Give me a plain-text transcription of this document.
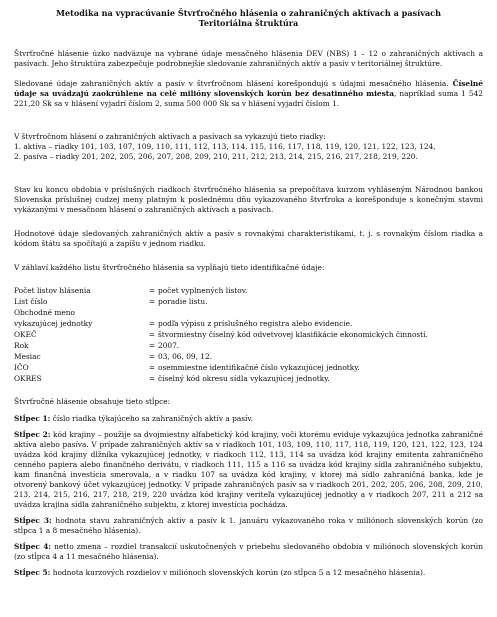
Metodika na vypracúvanie Štvrťročného hlásenia o zahraničných aktívach a pasívach
Teritoriálna štruktúra

Štvrťročné hlásenie úzko nadväzuje na vybrané údaje mesačného hlásenia DEV (NBS) 1 – 12 o zahraničných aktívach a pasívach. Jeho štruktúra zabezpečuje podrobnejšie sledovanie zahraničných aktív a pasív v teritoriálnej štruktúre.

Sledované údaje zahraničných aktív a pasív v štvrťročnom hlásení korešpondujú s údajmi mesačného hlásenia. Číselné údaje sa uvádzajú zaokrúhlene na celé milióny slovenských korún bez desatinného miesta, napríklad suma 1 542 221,20 Sk sa v hlásení vyjadrí číslom 2, suma 500 000 Sk sa v hlásení vyjadrí číslom 1.

V štvrťročnom hlásení o zahraničných aktívach a pasívach sa vykazujú tieto riadky:
1. aktíva – riadky 101, 103, 107, 109, 110, 111, 112, 113, 114, 115, 116, 117, 118, 119, 120, 121, 122, 123, 124,
2. pasíva – riadky 201, 202, 205, 206, 207, 208, 209, 210, 211, 212, 213, 214, 215, 216, 217, 218, 219, 220.

Stav ku koncu obdobia v príslušných riadkoch štvrťročného hlásenia sa prepočítava kurzom vyhláseným Národnou bankou Slovenska príslušnej cudzej meny platným k poslednému dňu vykazovaného štvrťroka a korešponduje s konečným stavmi vykázanými v mesačnom hlásení o zahraničných aktívach a pasívach.

Hodnotové údaje sledovaných zahraničných aktív a pasív s rovnakými charakteristikami, t. j. s rovnakým číslom riadka a kódom štátu sa spočítajú a zapíšu v jednom riadku.

V záhlaví každého listu štvrťročného hlásenia sa vypĺňajú tieto identifikačné údaje:

Počet listov hlásenia	= počet vyplnených listov.
List číslo	= poradie listu.
Obchodné meno
vykazujúcej jednotky	= podľa výpisu z príslušného registra alebo evidencie.
OKEČ	= štvormiestny číselný kód odvetvovej klasifikácie ekonomických činností.
Rok	= 2007.
Mesiac	= 03, 06, 09, 12.
IČO	= osemmiestne identifikačné číslo vykazujúcej jednotky.
OKRES	= číselný kód okresu sídla vykazujúcej jednotky.

Štvrťročné hlásenie obsahuje tieto stĺpce:

Stĺpec 1: číslo riadka týkajúceho sa zahraničných aktív a pasív.

Stĺpec 2: kód krajiny – použije sa dvojmiestny alfabetický kód krajiny, voči ktorému eviduje vykazujúca jednotka zahraničné aktíva alebo pasíva. V prípade zahraničných aktív sa v riadkoch 101, 103, 109, 110, 117, 118, 119, 120, 121, 122, 123, 124 uvádza kód krajiny dlžníka vykazujúcej jednotky, v riadkoch 112, 113, 114 sa uvádza kód krajiny emitenta zahraničného cenného papiera alebo finančného derivátu, v riadkoch 111, 115 a 116 sa uvádza kód krajiny sídla zahraničného subjektu, kam finančná investícia smerovala, a v riadku 107 sa uvádza kód krajiny, v ktorej má sídlo zahraničná banka, kde je otvorený bankový účet vykazujúcej jednotky. V prípade zahraničných pasív sa v riadkoch 201, 202, 205, 206, 208, 209, 210, 213, 214, 215, 216, 217, 218, 219, 220 uvádza kód krajiny veriteľa vykazujúcej jednotky a v riadkoch 207, 211 a 212 sa uvádza krajina sídla zahraničného subjektu, z ktorej investícia pochádza.

Stĺpec 3: hodnota stavu zahraničných aktív a pasív k 1. januáru vykazovaného roka v miliónoch slovenských korún (zo stĺpca 1 a 8 mesačného hlásenia).

Stĺpec 4: netto zmena – rozdiel transakcií uskutočnených v priebehu sledovaného obdobia v miliónoch slovenských korún (zo stĺpca 4 a 11 mesačného hlásenia).

Stĺpec 5: hodnota kurzových rozdielov v miliónoch slovenských korún (zo stĺpca 5 a 12 mesačného hlásenia).
